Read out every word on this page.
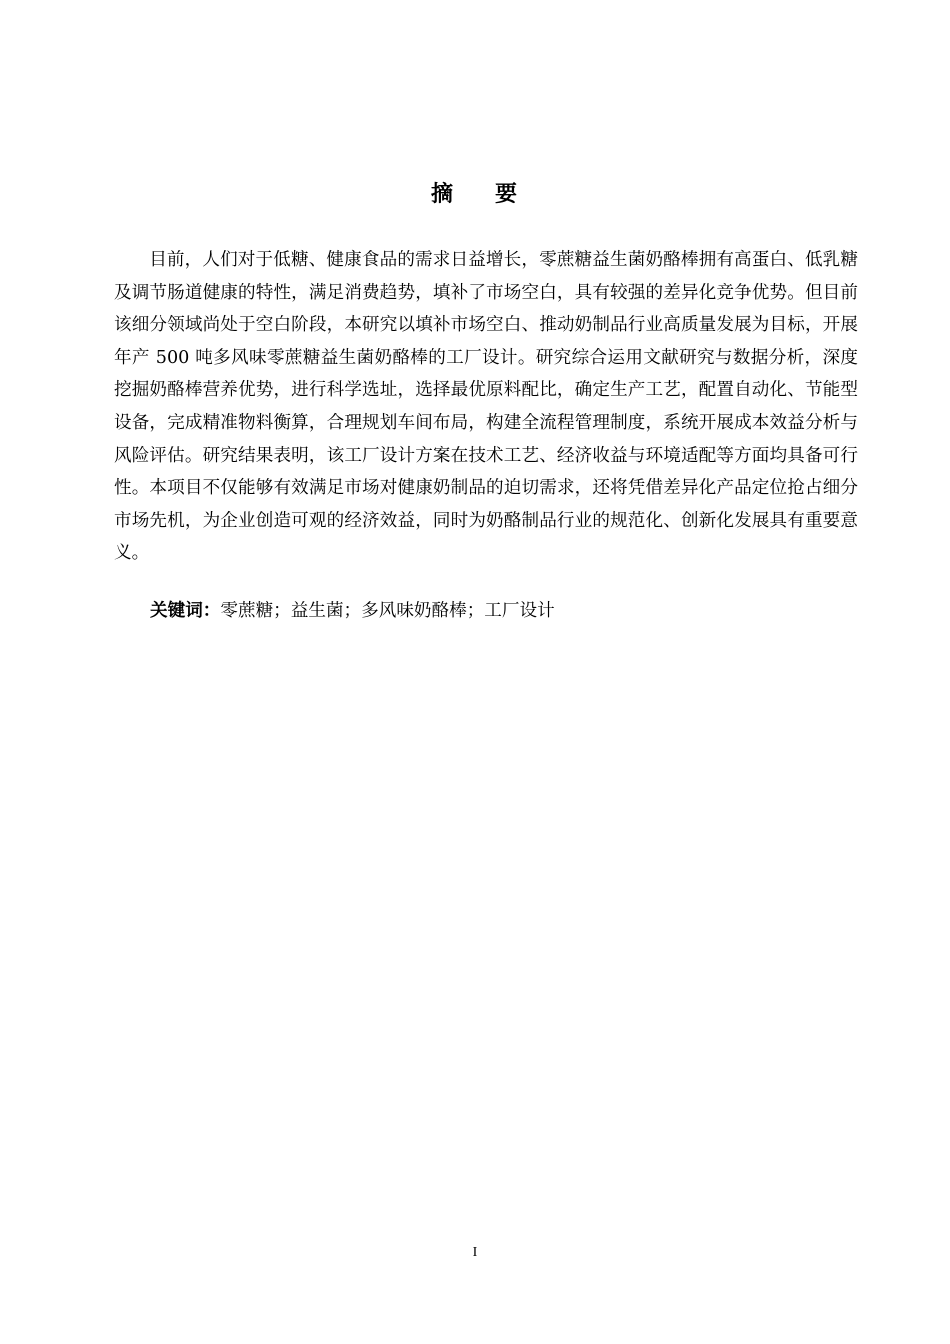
摘 要

目前，人们对于低糖、健康食品的需求日益增长，零蔗糖益生菌奶酪棒拥有高蛋白、低乳糖及调节肠道健康的特性，满足消费趋势，填补了市场空白，具有较强的差异化竞争优势。但目前该细分领域尚处于空白阶段，本研究以填补市场空白、推动奶制品行业高质量发展为目标，开展年产 500 吨多风味零蔗糖益生菌奶酪棒的工厂设计。研究综合运用文献研究与数据分析，深度挖掘奶酪棒营养优势，进行科学选址，选择最优原料配比，确定生产工艺，配置自动化、节能型设备，完成精准物料衡算，合理规划车间布局，构建全流程管理制度，系统开展成本效益分析与风险评估。研究结果表明，该工厂设计方案在技术工艺、经济收益与环境适配等方面均具备可行性。本项目不仅能够有效满足市场对健康奶制品的迫切需求，还将凭借差异化产品定位抢占细分市场先机，为企业创造可观的经济效益，同时为奶酪制品行业的规范化、创新化发展具有重要意义。

关键词：零蔗糖；益生菌；多风味奶酪棒；工厂设计

I
